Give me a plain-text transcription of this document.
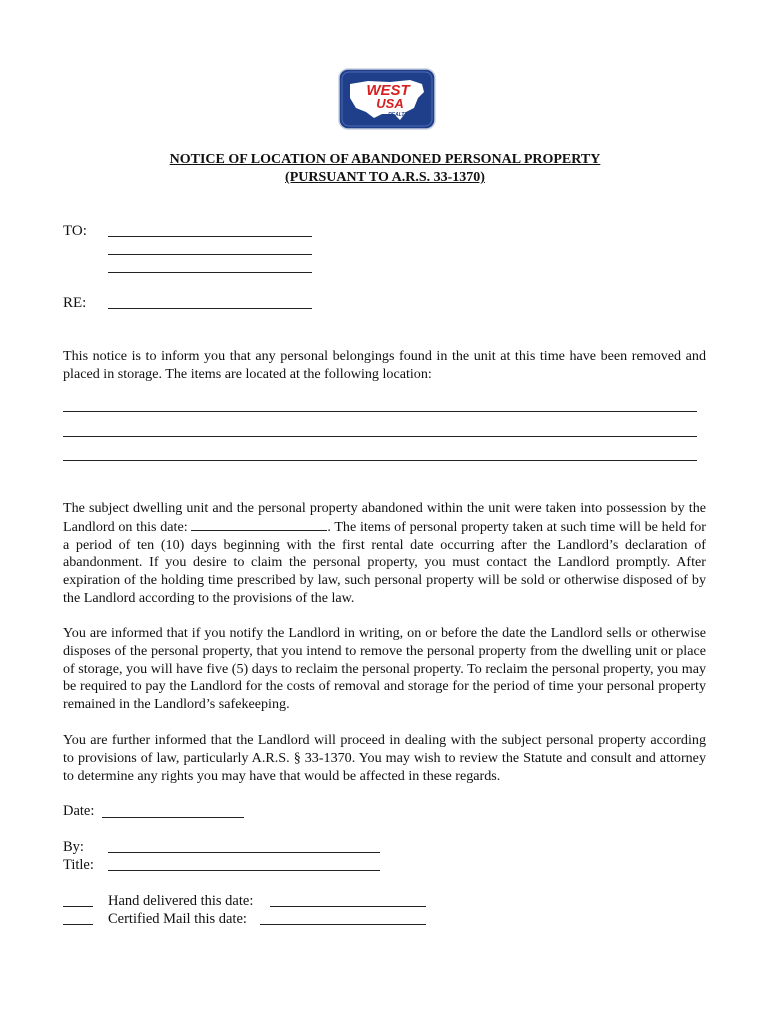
WEST
USA
REALTY
NOTICE OF LOCATION OF ABANDONED PERSONAL PROPERTY
(PURSUANT TO A.R.S. 33-1370)
TO:
RE:
This notice is to inform you that any personal belongings found in the unit at this time have been removed and placed in storage. The items are located at the following location:
The subject dwelling unit and the personal property abandoned within the unit were taken into possession by the Landlord on this date:	. The items of personal property taken at such time will be held for a period of ten (10) days beginning with the first rental date occurring after the Landlord’s declaration of abandonment. If you desire to claim the personal property, you must contact the Landlord promptly. After expiration of the holding time prescribed by law, such personal property will be sold or otherwise disposed of by the Landlord according to the provisions of the law.
You are informed that if you notify the Landlord in writing, on or before the date the Landlord sells or otherwise disposes of the personal property, that you intend to remove the personal property from the dwelling unit or place of storage, you will have five (5) days to reclaim the personal property. To reclaim the personal property, you may be required to pay the Landlord for the costs of removal and storage for the period of time your personal property remained in the Landlord’s safekeeping.
You are further informed that the Landlord will proceed in dealing with the subject personal property according to provisions of law, particularly A.R.S. § 33-1370. You may wish to review the Statute and consult and attorney to determine any rights you may have that would be affected in these regards.
Date:
By:
Title:
Hand delivered this date:
Certified Mail this date:
